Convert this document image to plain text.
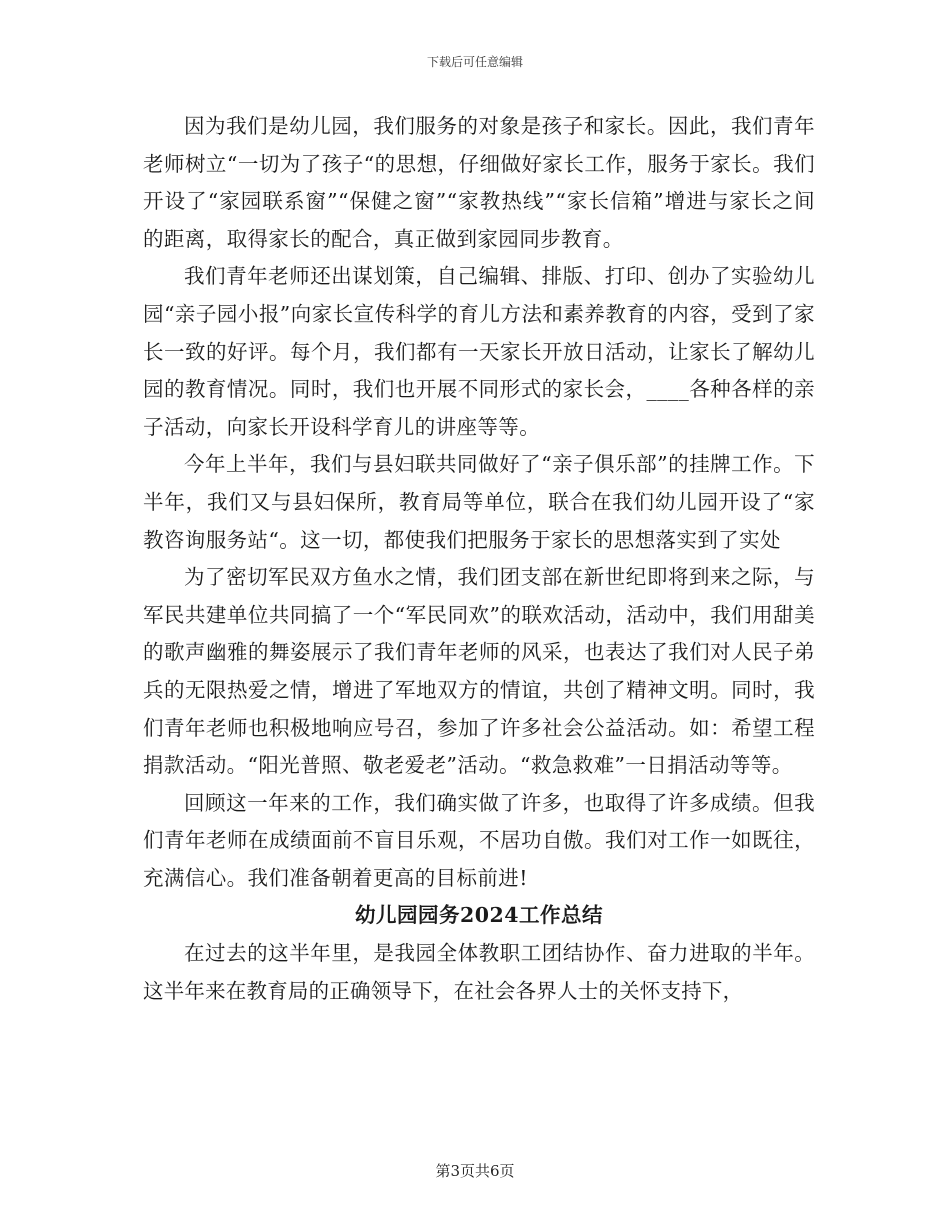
下载后可任意编辑

因为我们是幼儿园，我们服务的对象是孩子和家长。因此，我们青年老师树立“一切为了孩子“的思想，仔细做好家长工作，服务于家长。我们开设了“家园联系窗”“保健之窗”“家教热线”“家长信箱”增进与家长之间的距离，取得家长的配合，真正做到家园同步教育。

我们青年老师还出谋划策，自己编辑、排版、打印、创办了实验幼儿园“亲子园小报”向家长宣传科学的育儿方法和素养教育的内容，受到了家长一致的好评。每个月，我们都有一天家长开放日活动，让家长了解幼儿园的教育情况。同时，我们也开展不同形式的家长会，____各种各样的亲子活动，向家长开设科学育儿的讲座等等。

今年上半年，我们与县妇联共同做好了“亲子俱乐部”的挂牌工作。下半年，我们又与县妇保所，教育局等单位，联合在我们幼儿园开设了“家教咨询服务站“。这一切，都使我们把服务于家长的思想落实到了实处

为了密切军民双方鱼水之情，我们团支部在新世纪即将到来之际，与军民共建单位共同搞了一个“军民同欢”的联欢活动，活动中，我们用甜美的歌声幽雅的舞姿展示了我们青年老师的风采，也表达了我们对人民子弟兵的无限热爱之情，增进了军地双方的情谊，共创了精神文明。同时，我们青年老师也积极地响应号召，参加了许多社会公益活动。如：希望工程捐款活动。“阳光普照、敬老爱老”活动。“救急救难”一日捐活动等等。

回顾这一年来的工作，我们确实做了许多，也取得了许多成绩。但我们青年老师在成绩面前不盲目乐观，不居功自傲。我们对工作一如既往，充满信心。我们准备朝着更高的目标前进!

幼儿园园务2024工作总结

在过去的这半年里，是我园全体教职工团结协作、奋力进取的半年。这半年来在教育局的正确领导下，在社会各界人士的关怀支持下，

第3页共6页
